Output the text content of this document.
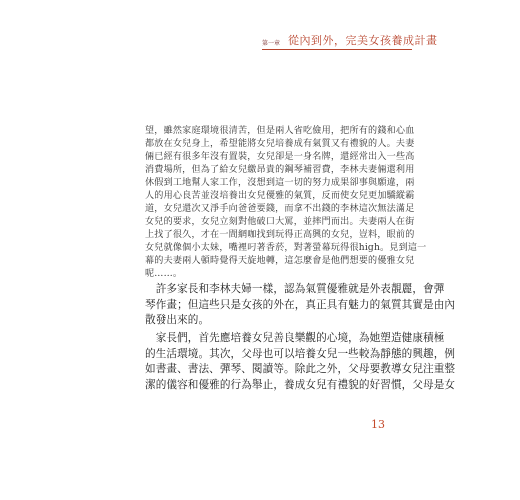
第一章 從內到外，完美女孩養成計畫
望，雖然家庭環境很清苦，但是兩人省吃儉用，把所有的錢和心血
都放在女兒身上，希望能將女兒培養成有氣質又有禮貌的人。夫妻
倆已經有很多年沒有置裝，女兒卻是一身名牌，還經常出入一些高
消費場所，但為了給女兒繳昂貴的鋼琴補習費，李林夫妻倆還利用
休假到工地幫人家工作，沒想到這一切的努力成果卻事與願違，兩
人的用心良苦並沒培養出女兒優雅的氣質，反而使女兒更加驕縱霸
道，女兒還次又淨手向爸爸要錢，而拿不出錢的李林這次無法滿足
女兒的要求，女兒立刻對他破口大罵，並摔門而出。夫妻兩人在街
上找了很久，才在一間網咖找到玩得正高興的女兒，豈料，眼前的
女兒就像個小太妹，嘴裡叼著香菸，對著螢幕玩得很high。見到這一
幕的夫妻兩人頓時覺得天旋地轉，這怎麼會是他們想要的優雅女兒
呢……。
　許多家長和李林夫婦一樣，認為氣質優雅就是外表靚麗，會彈
琴作畫；但這些只是女孩的外在，真正具有魅力的氣質其實是由內
散發出來的。
　家長們，首先應培養女兒善良樂觀的心境，為她塑造健康積極
的生活環境。其次，父母也可以培養女兒一些較為靜態的興趣，例
如書畫、書法、彈琴、閱讀等。除此之外，父母要教導女兒注重整
潔的儀容和優雅的行為舉止，養成女兒有禮貌的好習慣，父母是女
13
